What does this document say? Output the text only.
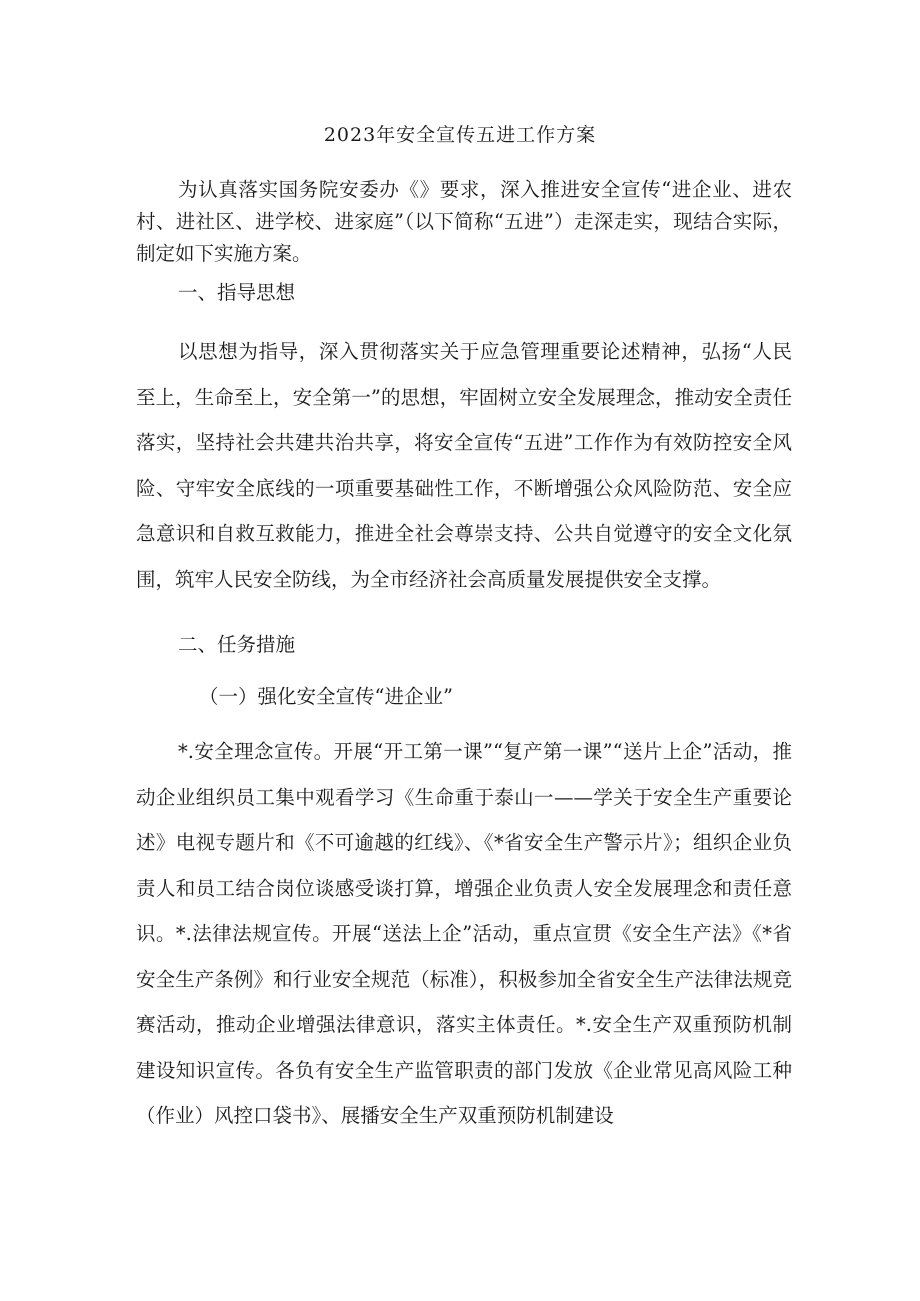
2023年安全宣传五进工作方案

为认真落实国务院安委办《》要求，深入推进安全宣传“进企业、进农村、进社区、进学校、进家庭”（以下简称“五进”）走深走实，现结合实际，制定如下实施方案。

一、指导思想

以思想为指导，深入贯彻落实关于应急管理重要论述精神，弘扬“人民至上，生命至上，安全第一”的思想，牢固树立安全发展理念，推动安全责任落实，坚持社会共建共治共享，将安全宣传“五进”工作作为有效防控安全风险、守牢安全底线的一项重要基础性工作，不断增强公众风险防范、安全应急意识和自救互救能力，推进全社会尊崇支持、公共自觉遵守的安全文化氛围，筑牢人民安全防线，为全市经济社会高质量发展提供安全支撑。

二、任务措施

（一）强化安全宣传“进企业”

*.安全理念宣传。开展“开工第一课”“复产第一课”“送片上企”活动，推动企业组织员工集中观看学习《生命重于泰山一——学关于安全生产重要论述》电视专题片和《不可逾越的红线》、《*省安全生产警示片》；组织企业负责人和员工结合岗位谈感受谈打算，增强企业负责人安全发展理念和责任意识。*.法律法规宣传。开展“送法上企”活动，重点宣贯《安全生产法》《*省安全生产条例》和行业安全规范（标准），积极参加全省安全生产法律法规竞赛活动，推动企业增强法律意识，落实主体责任。*.安全生产双重预防机制建设知识宣传。各负有安全生产监管职责的部门发放《企业常见高风险工种（作业）风控口袋书》、展播安全生产双重预防机制建设
